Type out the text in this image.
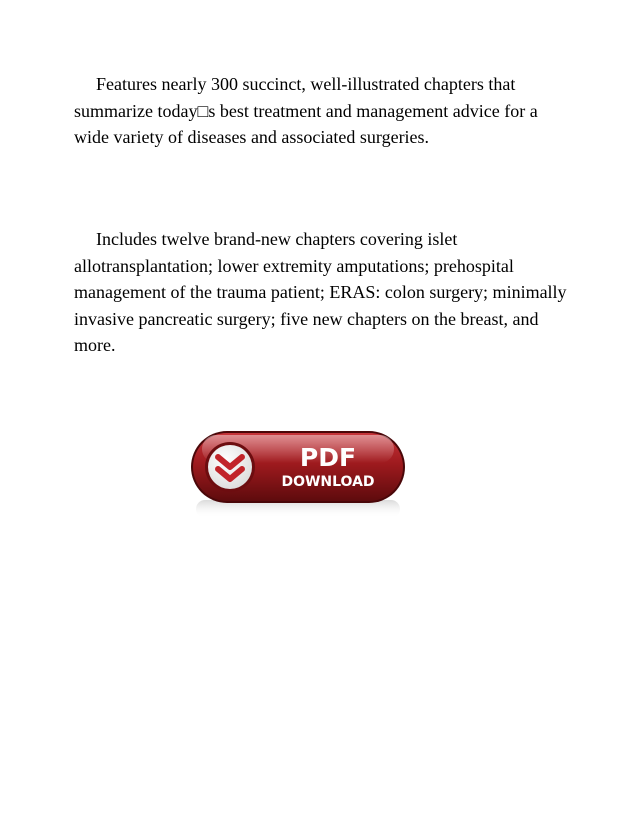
Features nearly 300 succinct, well-illustrated chapters that summarize today□s best treatment and management advice for a wide variety of diseases and associated surgeries.

Includes twelve brand-new chapters covering islet allotransplantation; lower extremity amputations; prehospital management of the trauma patient; ERAS: colon surgery; minimally invasive pancreatic surgery; five new chapters on the breast, and more.

PDF
DOWNLOAD
